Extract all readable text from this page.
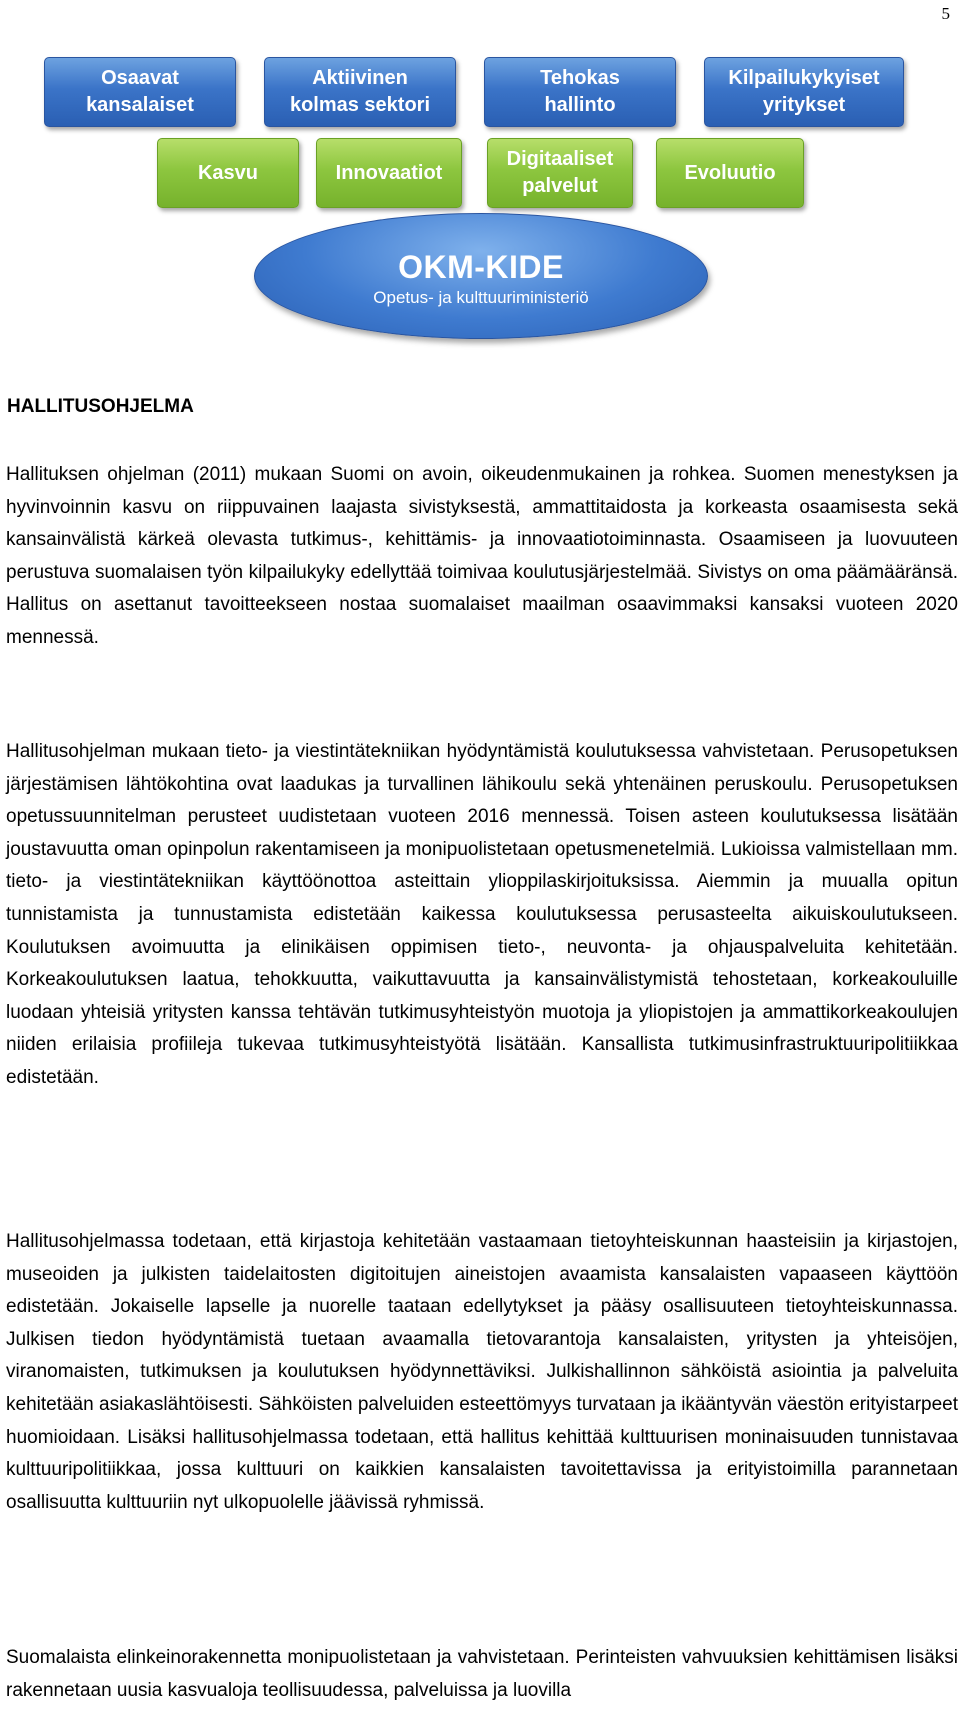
5
Osaavat
kansalaiset
Aktiivinen
kolmas sektori
Tehokas
hallinto
Kilpailukykyiset
yritykset
Kasvu	Innovaatiot
Digitaaliset
palvelut
Evoluutio
OKM-KIDE
Opetus- ja kulttuuriministeriö
HALLITUSOHJELMA

Hallituksen ohjelman (2011) mukaan Suomi on avoin, oikeudenmukainen ja rohkea. Suomen menestyksen ja hyvinvoinnin kasvu on riippuvainen laajasta sivistyksestä, ammattitaidosta ja korkeasta osaamisesta sekä kansainvälistä kärkeä olevasta tutkimus-, kehittämis- ja innovaatiotoiminnasta. Osaamiseen ja luovuuteen perustuva suomalaisen työn kilpailukyky edellyttää toimivaa koulutusjärjestelmää. Sivistys on oma päämääränsä. Hallitus on asettanut tavoitteekseen nostaa suomalaiset maailman osaavimmaksi kansaksi vuoteen 2020 mennessä.

Hallitusohjelman mukaan tieto- ja viestintätekniikan hyödyntämistä koulutuksessa vahvistetaan. Perusopetuksen järjestämisen lähtökohtina ovat laadukas ja turvallinen lähikoulu sekä yhtenäinen peruskoulu. Perusopetuksen opetussuunnitelman perusteet uudistetaan vuoteen 2016 mennessä. Toisen asteen koulutuksessa lisätään joustavuutta oman opinpolun rakentamiseen ja monipuolistetaan opetusmenetelmiä. Lukioissa valmistellaan mm. tieto- ja viestintätekniikan käyttöönottoa asteittain ylioppilaskirjoituksissa. Aiemmin ja muualla opitun tunnistamista ja tunnustamista edistetään kaikessa koulutuksessa perusasteelta aikuiskoulutukseen. Koulutuksen avoimuutta ja elinikäisen oppimisen tieto-, neuvonta- ja ohjauspalveluita kehitetään. Korkeakoulutuksen laatua, tehokkuutta, vaikuttavuutta ja kansainvälistymistä tehostetaan, korkeakouluille luodaan yhteisiä yritysten kanssa tehtävän tutkimusyhteistyön muotoja ja yliopistojen ja ammattikorkeakoulujen niiden erilaisia profiileja tukevaa tutkimusyhteistyötä lisätään. Kansallista tutkimusinfrastruktuuripolitiikkaa edistetään.

Hallitusohjelmassa todetaan, että kirjastoja kehitetään vastaamaan tietoyhteiskunnan haasteisiin ja kirjastojen, museoiden ja julkisten taidelaitosten digitoitujen aineistojen avaamista kansalaisten vapaaseen käyttöön edistetään. Jokaiselle lapselle ja nuorelle taataan edellytykset ja pääsy osallisuuteen tietoyhteiskunnassa. Julkisen tiedon hyödyntämistä tuetaan avaamalla tietovarantoja kansalaisten, yritysten ja yhteisöjen, viranomaisten, tutkimuksen ja koulutuksen hyödynnettäviksi. Julkishallinnon sähköistä asiointia ja palveluita kehitetään asiakaslähtöisesti. Sähköisten palveluiden esteettömyys turvataan ja ikääntyvän väestön erityistarpeet huomioidaan. Lisäksi hallitusohjelmassa todetaan, että hallitus kehittää kulttuurisen moninaisuuden tunnistavaa kulttuuripolitiikkaa, jossa kulttuuri on kaikkien kansalaisten tavoitettavissa ja erityistoimilla parannetaan osallisuutta kulttuuriin nyt ulkopuolelle jäävissä ryhmissä.

Suomalaista elinkeinorakennetta monipuolistetaan ja vahvistetaan. Perinteisten vahvuuksien kehittämisen lisäksi rakennetaan uusia kasvualoja teollisuudessa, palveluissa ja luovilla
